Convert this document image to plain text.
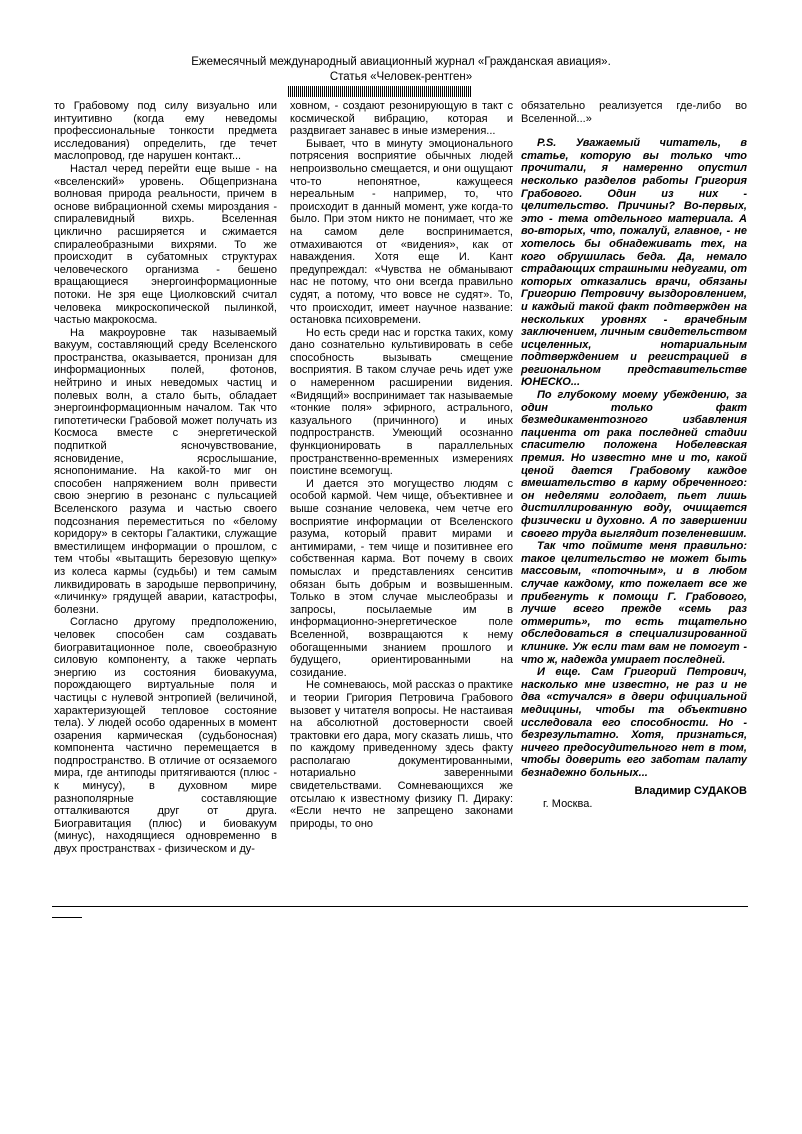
Ежемесячный международный авиационный журнал «Гражданская авиация».
Статья «Человек-рентген»

то Грабовому под силу визуально или интуитивно (когда ему неведомы профессиональные тонкости предмета исследования) определить, где течет маслопровод, где нарушен контакт...

Настал черед перейти еще выше - на «вселенский» уровень. Общепризнана волновая природа реальности, причем в основе вибрационной схемы мироздания - спиралевидный вихрь. Вселенная циклично расширяется и сжимается спиралеобразными вихрями. То же происходит в субатомных структурах человеческого организма - бешено вращающиеся энергоинформационные потоки. Не зря еще Циолковский считал человека микроскопической пылинкой, частью макрокосма.

На макроуровне так называемый вакуум, составляющий среду Вселенского пространства, оказывается, пронизан для информационных полей, фотонов, нейтрино и иных неведомых частиц и полевых волн, а стало быть, обладает энергоинформационным началом. Так что гипотетически Грабовой может получать из Космоса вместе с энергетической подпиткой ясночувствование, ясновидение, ясрослышание, яснопонимание. На какой-то миг он способен напряжением волн привести свою энергию в резонанс с пульсацией Вселенского разума и частью своего подсознания переместиться по «белому коридору» в секторы Галактики, служащие вместилищем информации о прошлом, с тем чтобы «вытащить березовую щепку» из колеса кармы (судьбы) и тем самым ликвидировать в зародыше первопричину, «личинку» грядущей аварии, катастрофы, болезни.

Согласно другому предположению, человек способен сам создавать биогравитационное поле, своеобразную силовую компоненту, а также черпать энергию из состояния биовакуума, порождающего виртуальные поля и частицы с нулевой энтропией (величиной, характеризующей тепловое состояние тела). У людей особо одаренных в момент озарения кармическая (судьбоносная) компонента частично перемещается в подпространство. В отличие от осязаемого мира, где антиподы притягиваются (плюс - к минусу), в духовном мире разнополярные составляющие отталкиваются друг от друга. Биогравитация (плюс) и биовакуум (минус), находящиеся одновременно в двух пространствах - физическом и ду-

ховном, - создают резонирующую в такт с космической вибрацию, которая и раздвигает занавес в иные измерения...

Бывает, что в минуту эмоционального потрясения восприятие обычных людей непроизвольно смещается, и они ощущают что-то непонятное, кажущееся нереальным - например, то, что происходит в данный момент, уже когда-то было. При этом никто не понимает, что же на самом деле воспринимается, отмахиваются от «видения», как от наваждения. Хотя еще И. Кант предупреждал: «Чувства не обманывают нас не потому, что они всегда правильно судят, а потому, что вовсе не судят». То, что происходит, имеет научное название: остановка психовремени.

Но есть среди нас и горстка таких, кому дано сознательно культивировать в себе способность вызывать смещение восприятия. В таком случае речь идет уже о намеренном расширении видения. «Видящий» воспринимает так называемые «тонкие поля» эфирного, астрального, казуального (причинного) и иных подпространств. Умеющий осознанно функционировать в параллельных пространственно-временных измерениях поистине всемогущ.

И дается это могущество людям с особой кармой. Чем чище, объективнее и выше сознание человека, чем четче его восприятие информации от Вселенского разума, который правит мирами и антимирами, - тем чище и позитивнее его собственная карма. Вот почему в своих помыслах и представлениях сенситив обязан быть добрым и возвышенным. Только в этом случае мыслеобразы и запросы, посылаемые им в информационно-энергетическое поле Вселенной, возвращаются к нему обогащенными знанием прошлого и будущего, ориентированными на созидание.

Не сомневаюсь, мой рассказ о практике и теории Григория Петровича Грабового вызовет у читателя вопросы. Не настаивая на абсолютной достоверности своей трактовки его дара, могу сказать лишь, что по каждому приведенному здесь факту располагаю документированными, нотариально заверенными свидетельствами. Сомневающихся же отсылаю к известному физику П. Дираку: «Если нечто не запрещено законами природы, то оно

обязательно реализуется где-либо во Вселенной...»

P.S. Уважаемый читатель, в статье, которую вы только что прочитали, я намеренно опустил несколько разделов работы Григория Грабового. Один из них - целительство. Причины? Во-первых, это - тема отдельного материала. А во-вторых, что, пожалуй, главное, - не хотелось бы обнадеживать тех, на кого обрушилась беда. Да, немало страдающих страшными недугами, от которых отказались врачи, обязаны Григорию Петровичу выздоровлением, и каждый такой факт подтвержден на нескольких уровнях - врачебным заключением, личным свидетельством исцеленных, нотариальным подтверждением и регистрацией в региональном представительстве ЮНЕСКО...

По глубокому моему убеждению, за один только факт безмедикаментозного избавления пациента от рака последней стадии спасителю положена Нобелевская премия. Но известно мне и то, какой ценой дается Грабовому каждое вмешательство в карму обреченного: он неделями голодает, пьет лишь дистиллированную воду, очищается физически и духовно. А по завершении своего труда выглядит позеленевшим.

Так что поймите меня правильно: такое целительство не может быть массовым, «поточным», и в любом случае каждому, кто пожелает все же прибегнуть к помощи Г. Грабового, лучше всего прежде «семь раз отмерить», то есть тщательно обследоваться в специализированной клинике. Уж если там вам не помогут - что ж, надежда умирает последней.

И еще. Сам Григорий Петрович, насколько мне известно, не раз и не два «стучался» в двери официальной медицины, чтобы та объективно исследовала его способности. Но - безрезультатно. Хотя, признаться, ничего предосудительного нет в том, чтобы доверить его заботам палату безнадежно больных...

Владимир СУДАКОВ

г. Москва.
